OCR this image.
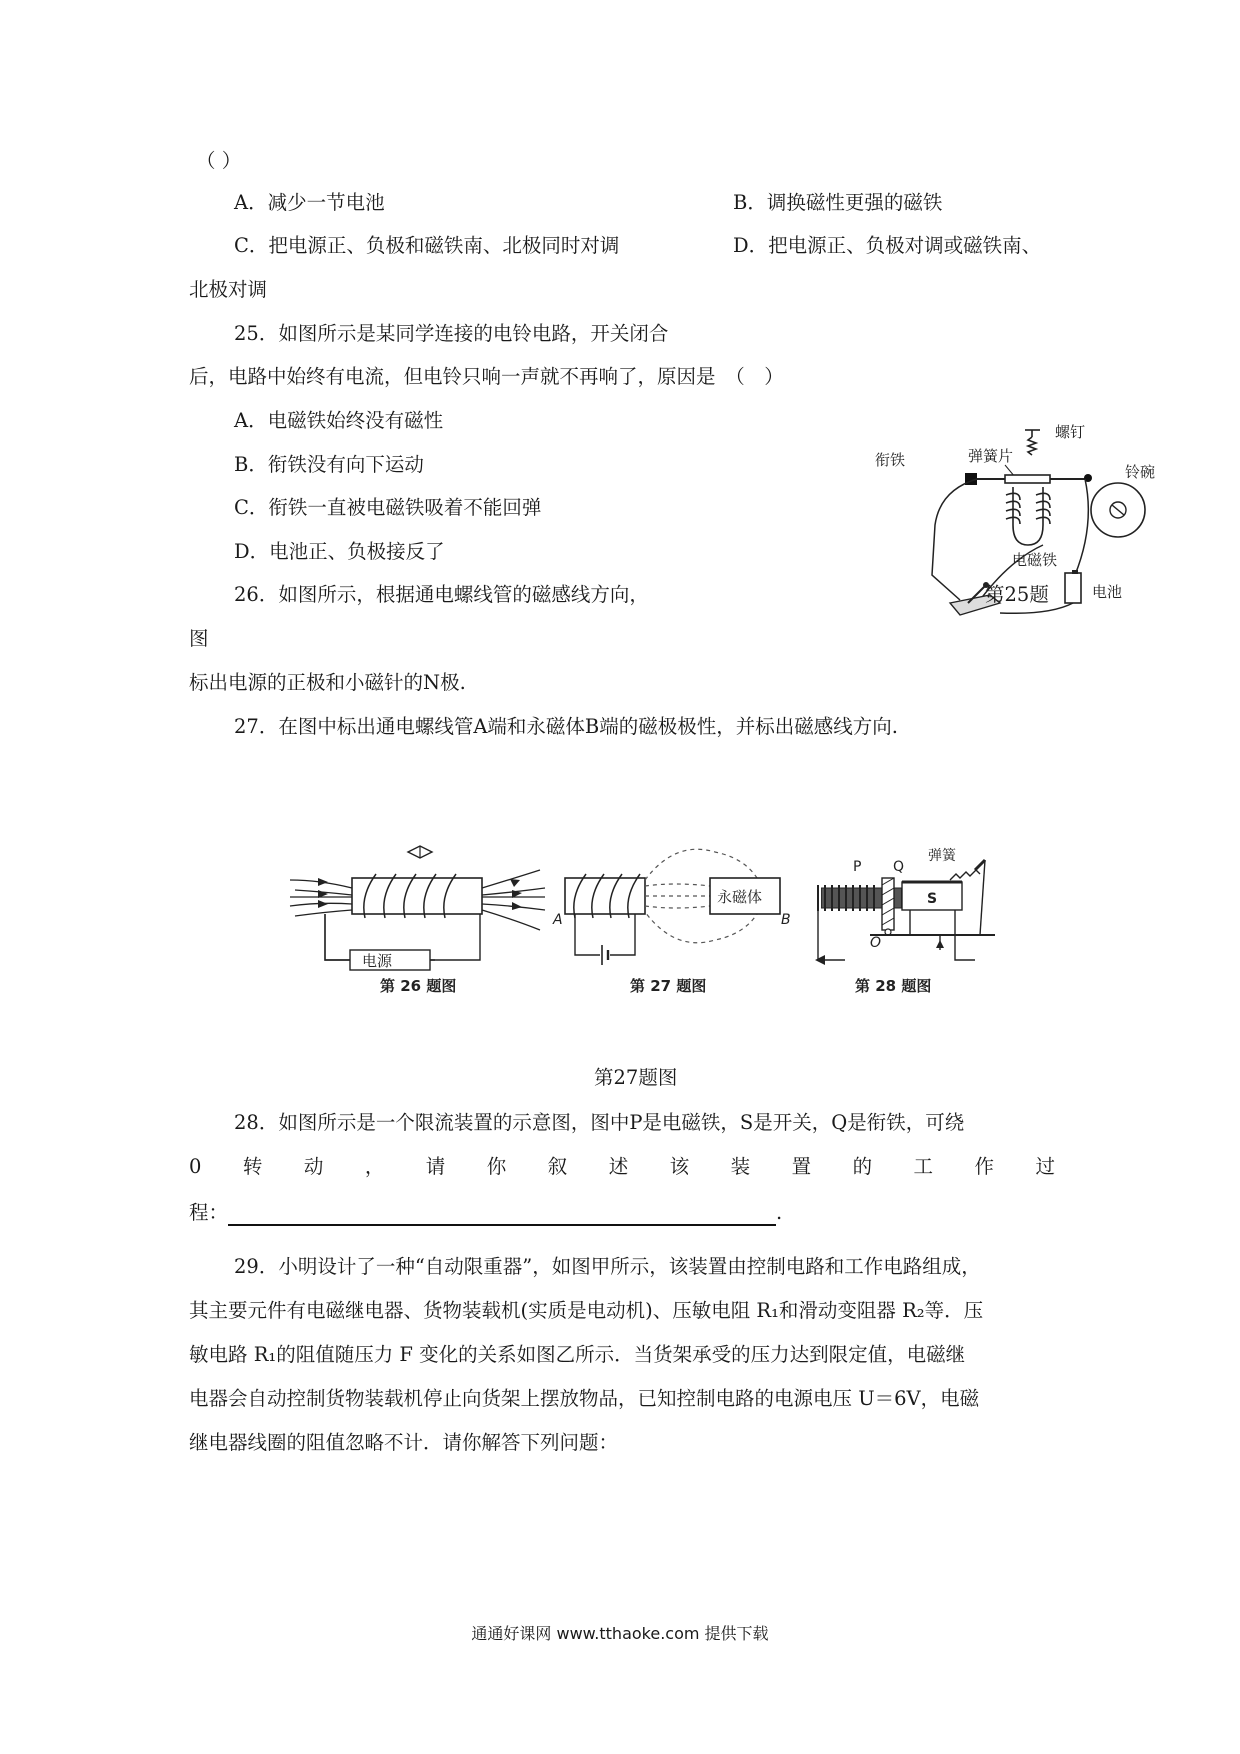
（ ）
A．减少一节电池	B．调换磁性更强的磁铁
C．把电源正、负极和磁铁南、北极同时对调	D．把电源正、负极对调或磁铁南、
北极对调
25．如图所示是某同学连接的电铃电路，开关闭合
后，电路中始终有电流，但电铃只响一声就不再响了，原因是　（　）
A．电磁铁始终没有磁性
B．衔铁没有向下运动
C．衔铁一直被电磁铁吸着不能回弹
D．电池正、负极接反了
螺钉
弹簧片
铃碗
衔铁
电磁铁
电池
第25题
26．如图所示，根据通电螺线管的磁感线方向，
图
标出电源的正极和小磁针的N极.
27．在图中标出通电螺线管A端和永磁体B端的磁极极性，并标出磁感线方向.
电源
第 26 题图
永磁体
A	B
第 27 题图
P Q
弹簧
O
S
第 28 题图
第27题图
28．如图所示是一个限流装置的示意图，图中P是电磁铁，S是开关，Q是衔铁，可绕
0 转 动 ， 请 你 叙 述 该 装 置 的 工 作 过
程：	.
29．小明设计了一种“自动限重器”，如图甲所示，该装置由控制电路和工作电路组成，
其主要元件有电磁继电器、货物装载机(实质是电动机)、压敏电阻 R₁和滑动变阻器 R₂等．压
敏电路 R₁的阻值随压力 F 变化的关系如图乙所示．当货架承受的压力达到限定值，电磁继
电器会自动控制货物装载机停止向货架上摆放物品，已知控制电路的电源电压 U＝6V，电磁
继电器线圈的阻值忽略不计．请你解答下列问题：
通通好课网 www.tthaoke.com 提供下载
